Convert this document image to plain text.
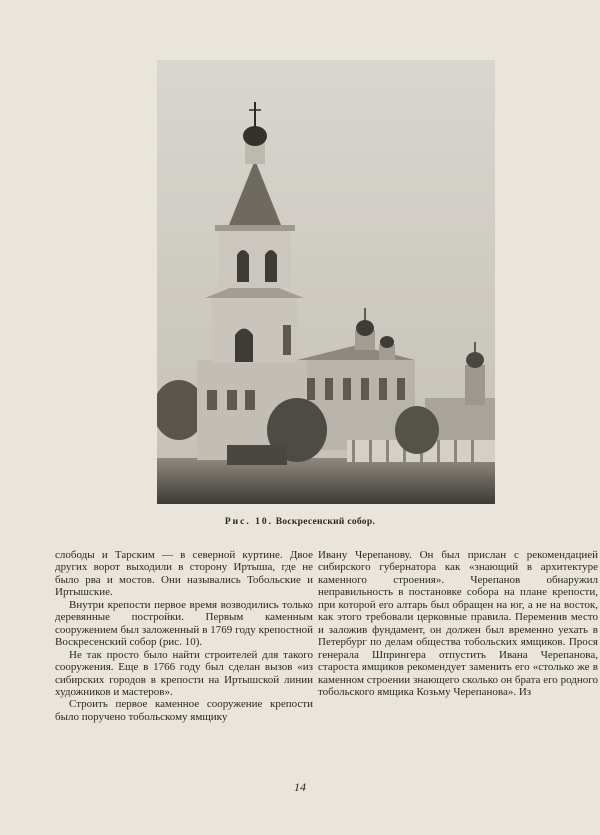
Рис. 10. Воскресенский собор.

слободы и Тарским — в северной куртине. Двое других ворот выходили в сторону Иртыша, где не было рва и мостов. Они назывались Тобольские и Иртышские.

Внутри крепости первое время возводились только деревянные постройки. Первым каменным сооружением был заложенный в 1769 году крепостной Воскресенский собор (рис. 10).

Не так просто было найти строителей для такого сооружения. Еще в 1766 году был сделан вызов «из сибирских городов в крепости на Иртышской линии художников и мастеров».

Строить первое каменное сооружение крепости было поручено тобольскому ямщику

Ивану Черепанову. Он был прислан с рекомендацией сибирского губернатора как «знающий в архитектуре каменного строения». Черепанов обнаружил неправильность в постановке собора на плане крепости, при которой его алтарь был обращен на юг, а не на восток, как этого требовали церковные правила. Переменив место и заложив фундамент, он должен был временно уехать в Петербург по делам общества тобольских ямщиков. Прося генерала Шпрингера отпустить Ивана Черепанова, староста ямщиков рекомендует заменить его «столько же в каменном строении знающего сколько он брата его родного тобольского ямщика Козьму Черепанова». Из

14
